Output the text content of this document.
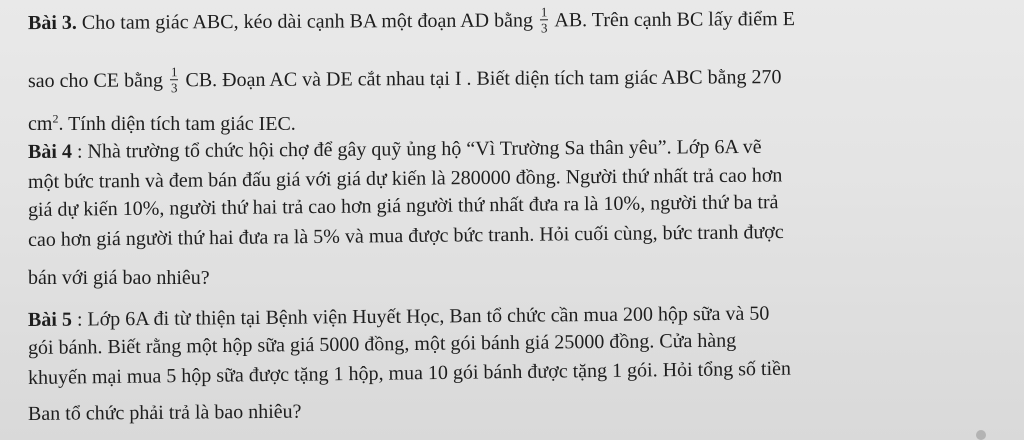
Bài 3. Cho tam giác ABC, kéo dài cạnh BA một đoạn AD bằng $\frac{1}{3}$ AB. Trên cạnh BC lấy điểm E
sao cho CE bằng $\frac{1}{3}$ CB. Đoạn AC và DE cắt nhau tại I . Biết diện tích tam giác ABC bằng 270
$cm^2$. Tính diện tích tam giác IEC.
Bài 4 : Nhà trường tổ chức hội chợ để gây quỹ ủng hộ “Vì Trường Sa thân yêu”. Lớp 6A vẽ
một bức tranh và đem bán đấu giá với giá dự kiến là 280000 đồng. Người thứ nhất trả cao hơn
giá dự kiến 10%, người thứ hai trả cao hơn giá người thứ nhất đưa ra là 10%, người thứ ba trả
cao hơn giá người thứ hai đưa ra là 5% và mua được bức tranh. Hỏi cuối cùng, bức tranh được
bán với giá bao nhiêu?
Bài 5 : Lớp 6A đi từ thiện tại Bệnh viện Huyết Học, Ban tổ chức cần mua 200 hộp sữa và 50
gói bánh. Biết rằng một hộp sữa giá 5000 đồng, một gói bánh giá 25000 đồng. Cửa hàng
khuyến mại mua 5 hộp sữa được tặng 1 hộp, mua 10 gói bánh được tặng 1 gói. Hỏi tổng số tiền
Ban tổ chức phải trả là bao nhiêu?
